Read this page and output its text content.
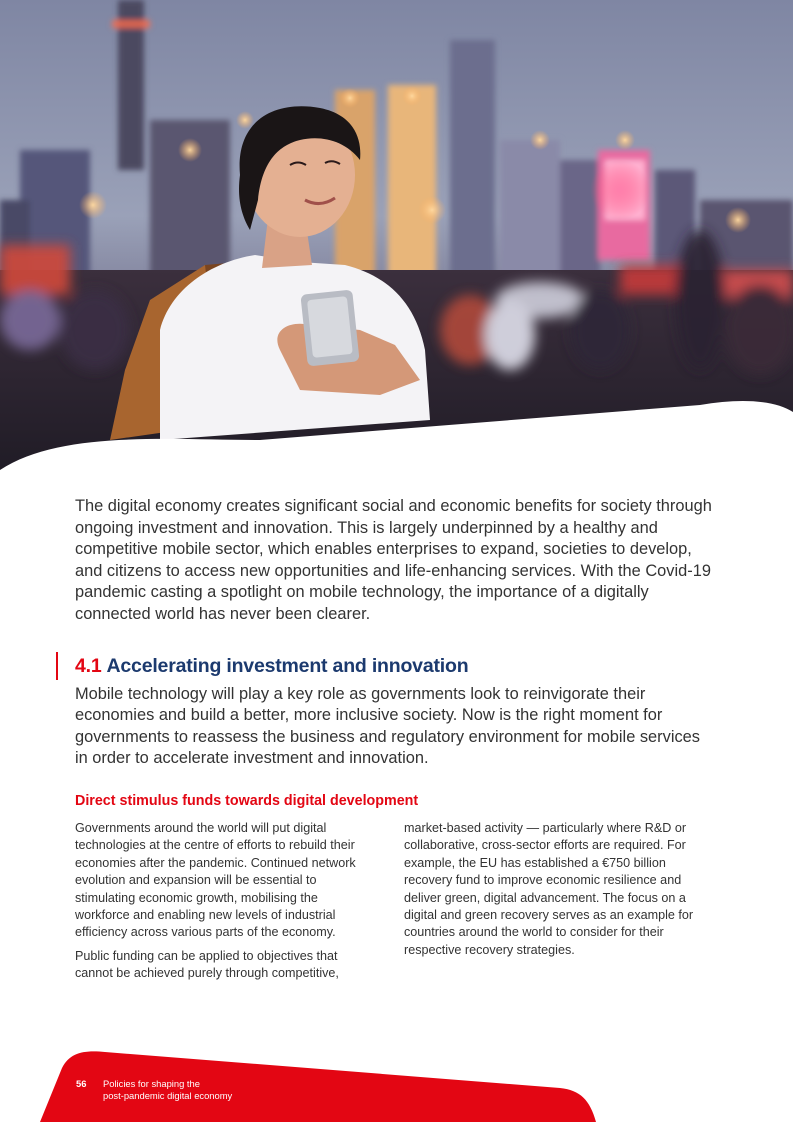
The digital economy creates significant social and economic benefits for society through ongoing investment and innovation. This is largely underpinned by a healthy and competitive mobile sector, which enables enterprises to expand, societies to develop, and citizens to access new opportunities and life-enhancing services. With the Covid-19 pandemic casting a spotlight on mobile technology, the importance of a digitally connected world has never been clearer.

4.1 Accelerating investment and innovation

Mobile technology will play a key role as governments look to reinvigorate their economies and build a better, more inclusive society. Now is the right moment for governments to reassess the business and regulatory environment for mobile services in order to accelerate investment and innovation.

Direct stimulus funds towards digital development

Governments around the world will put digital technologies at the centre of efforts to rebuild their economies after the pandemic. Continued network evolution and expansion will be essential to stimulating economic growth, mobilising the workforce and enabling new levels of industrial efficiency across various parts of the economy.

Public funding can be applied to objectives that cannot be achieved purely through competitive,

market-based activity — particularly where R&D or collaborative, cross-sector efforts are required. For example, the EU has established a €750 billion recovery fund to improve economic resilience and deliver green, digital advancement. The focus on a digital and green recovery serves as an example for countries around the world to consider for their respective recovery strategies.

56	Policies for shaping the
post-pandemic digital economy
